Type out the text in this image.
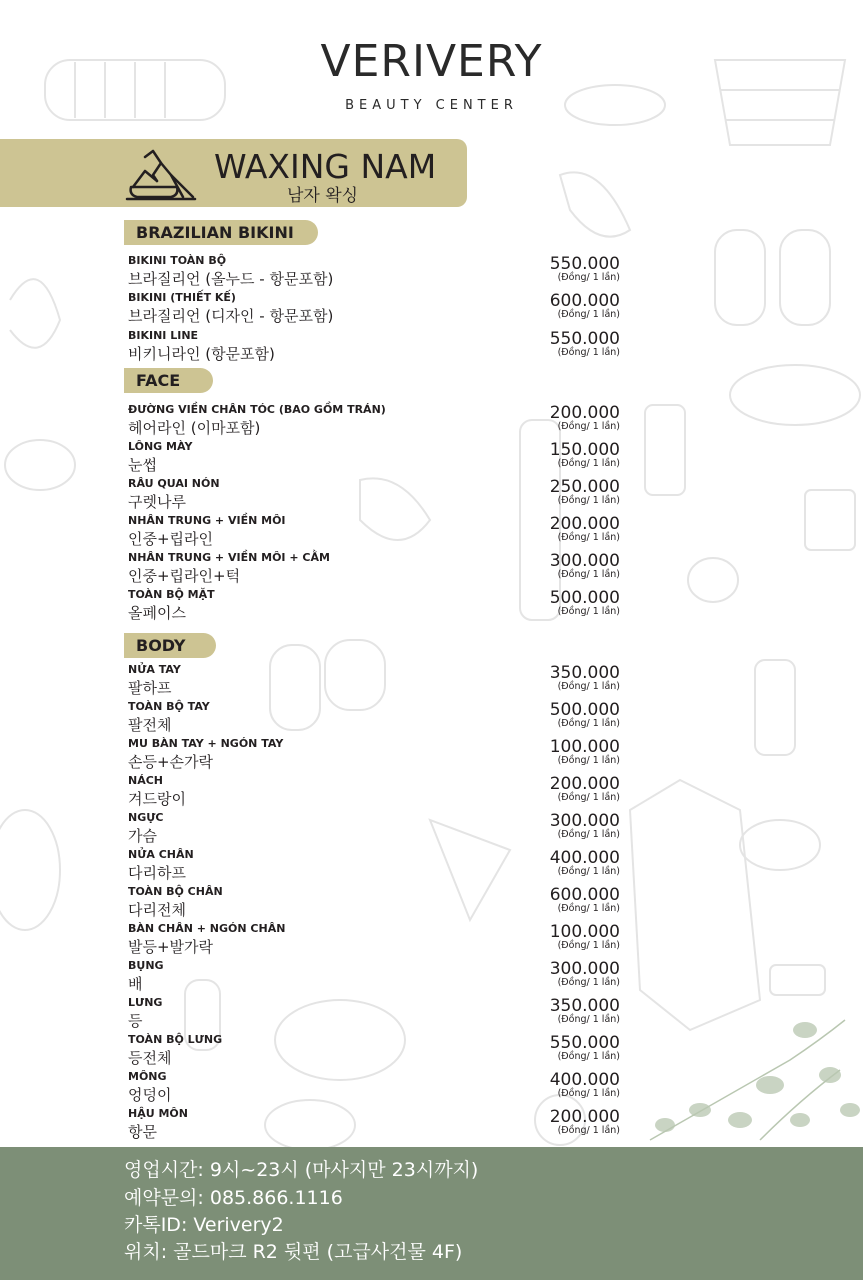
VERIVERY
BEAUTY CENTER
WAXING NAM
남자 왁싱
BRAZILIAN BIKINI
FACE
BODY
BIKINI TOÀN BỘ
브라질리언 (올누드 - 항문포함)
550.000
(Đồng/ 1 lần)
BIKINI (THIẾT KẾ)
브라질리언 (디자인 - 항문포함)
600.000
(Đồng/ 1 lần)
BIKINI LINE
비키니라인 (항문포함)
550.000
(Đồng/ 1 lần)
ĐƯỜNG VIỀN CHÂN TÓC (BAO GỒM TRÁN)
헤어라인 (이마포함)
200.000
(Đồng/ 1 lần)
LÔNG MÀY
눈썹
150.000
(Đồng/ 1 lần)
RÂU QUAI NÓN
구렛나루
250.000
(Đồng/ 1 lần)
NHÂN TRUNG + VIỀN MÔI
인중+립라인
200.000
(Đồng/ 1 lần)
NHÂN TRUNG + VIỀN MÔI + CẰM
인중+립라인+턱
300.000
(Đồng/ 1 lần)
TOÀN BỘ MẶT
올페이스
500.000
(Đồng/ 1 lần)
NỬA TAY
팔하프
350.000
(Đồng/ 1 lần)
TOÀN BỘ TAY
팔전체
500.000
(Đồng/ 1 lần)
MU BÀN TAY + NGÓN TAY
손등+손가락
100.000
(Đồng/ 1 lần)
NÁCH
겨드랑이
200.000
(Đồng/ 1 lần)
NGỰC
가슴
300.000
(Đồng/ 1 lần)
NỬA CHÂN
다리하프
400.000
(Đồng/ 1 lần)
TOÀN BỘ CHÂN
다리전체
600.000
(Đồng/ 1 lần)
BÀN CHÂN + NGÓN CHÂN
발등+발가락
100.000
(Đồng/ 1 lần)
BỤNG
배
300.000
(Đồng/ 1 lần)
LƯNG
등
350.000
(Đồng/ 1 lần)
TOÀN BỘ LƯNG
등전체
550.000
(Đồng/ 1 lần)
MÔNG
엉덩이
400.000
(Đồng/ 1 lần)
HẬU MÔN
항문
200.000
(Đồng/ 1 lần)
영업시간: 9시~23시 (마사지만 23시까지)
예약문의: 085.866.1116
카톡ID: Verivery2
위치: 골드마크 R2 뒷편 (고급사건물 4F)
